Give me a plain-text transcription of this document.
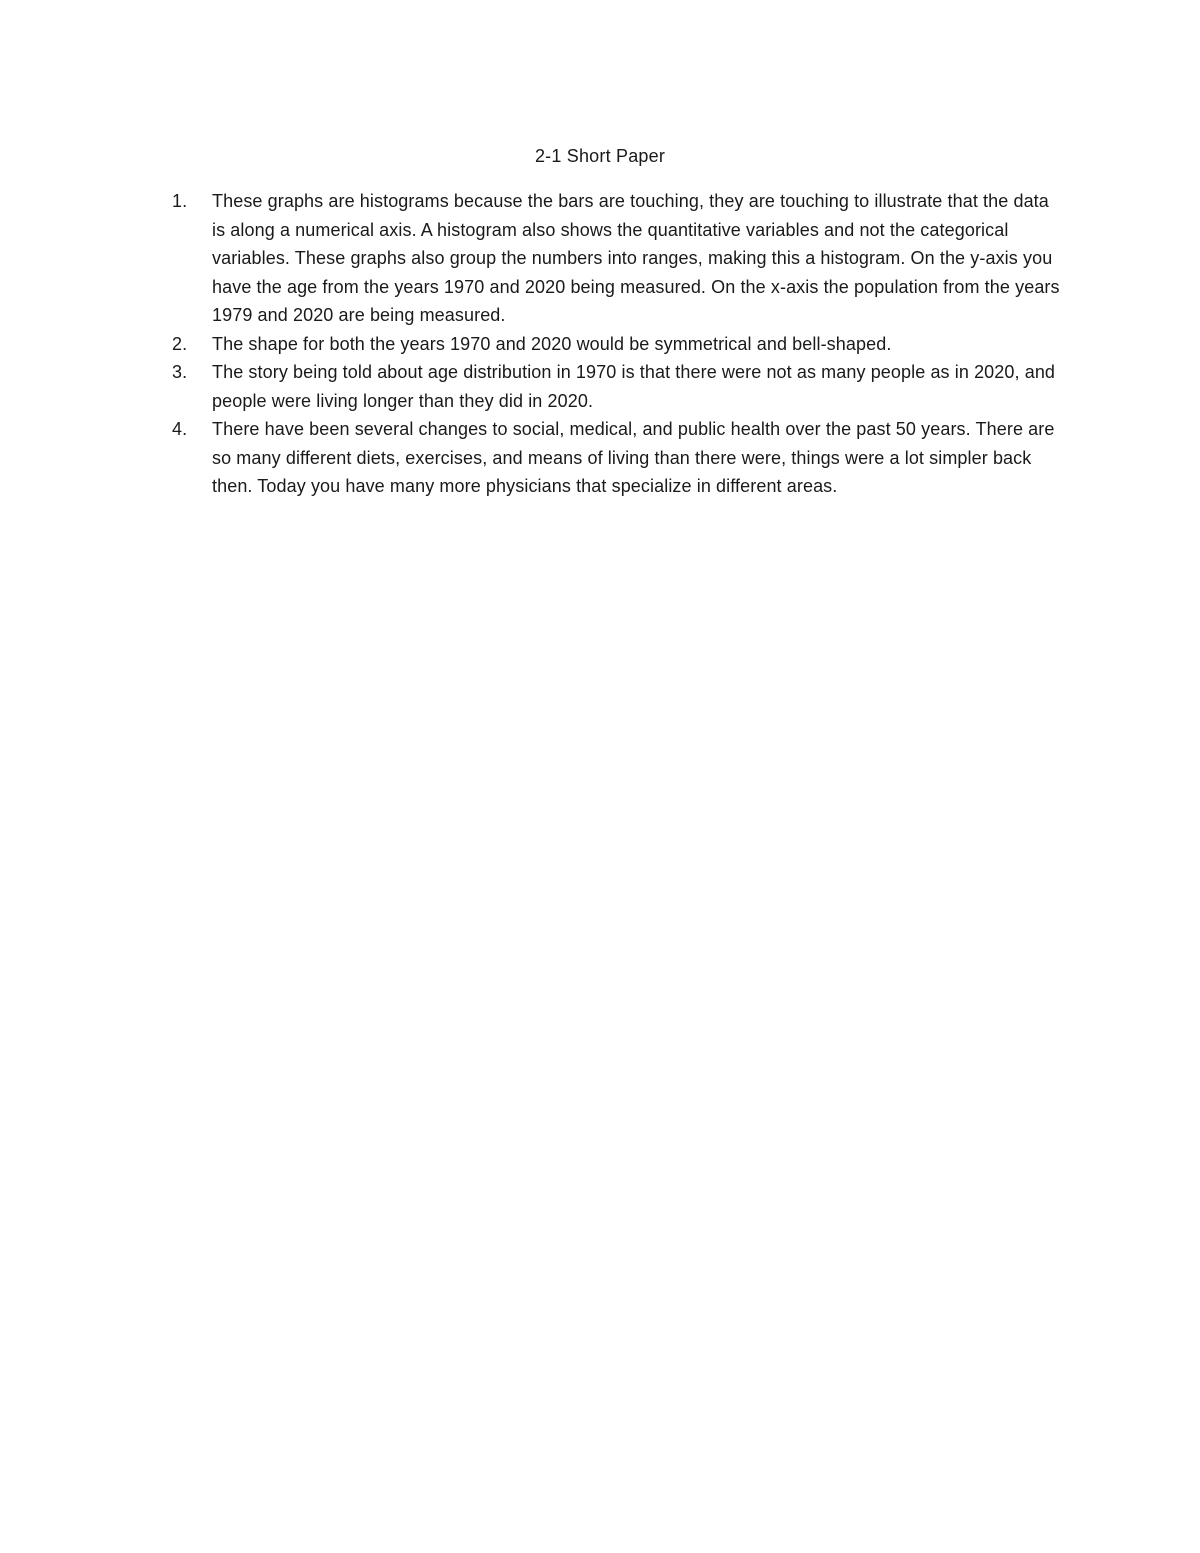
2-1 Short Paper
1.	These graphs are histograms because the bars are touching, they are touching to illustrate that the data is along a numerical axis. A histogram also shows the quantitative variables and not the categorical variables. These graphs also group the numbers into ranges, making this a histogram. On the y-axis you have the age from the years 1970 and 2020 being measured. On the x-axis the population from the years 1979 and 2020 are being measured.
2.	The shape for both the years 1970 and 2020 would be symmetrical and bell-shaped.
3.	The story being told about age distribution in 1970 is that there were not as many people as in 2020, and people were living longer than they did in 2020.
4.	There have been several changes to social, medical, and public health over the past 50 years. There are so many different diets, exercises, and means of living than there were, things were a lot simpler back then. Today you have many more physicians that specialize in different areas.
